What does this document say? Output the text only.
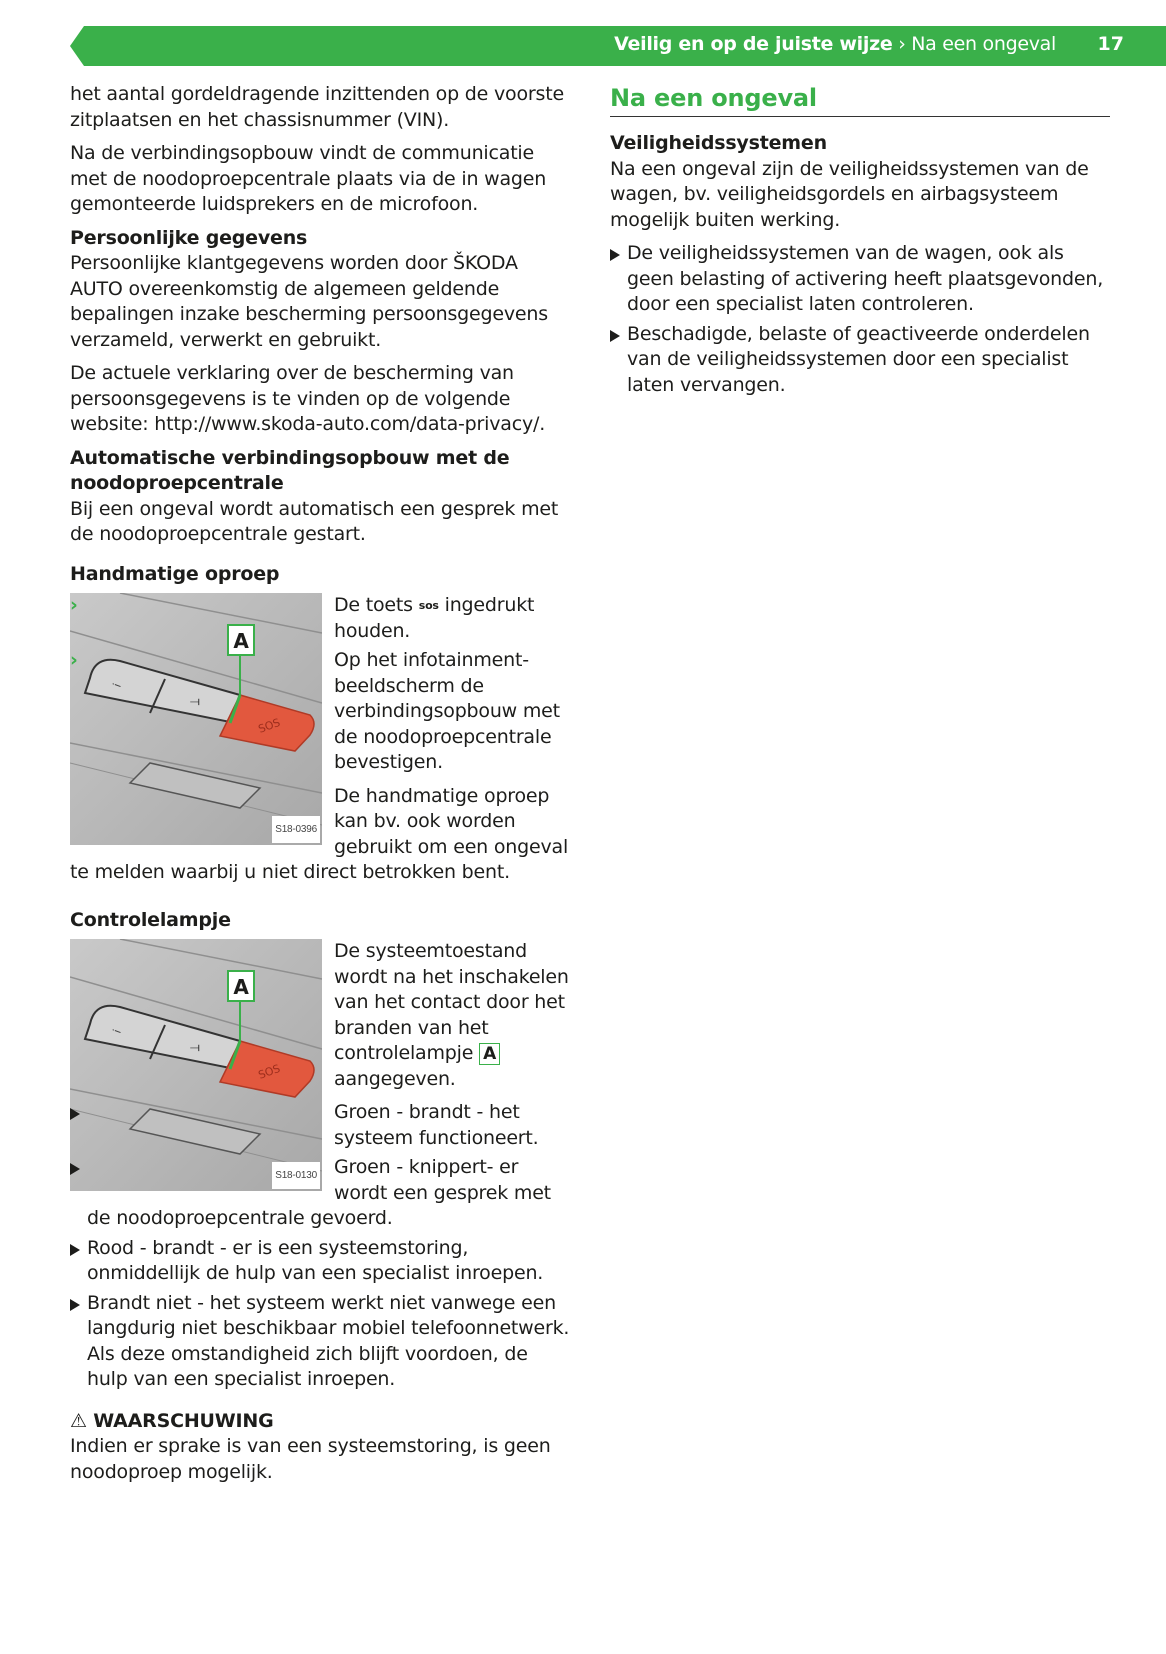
Veilig en op de juiste wijze › Na een ongeval 17

het aantal gordeldragende inzittenden op de voorste zitplaatsen en het chassisnummer (VIN).

Na de verbindingsopbouw vindt de communicatie met de noodoproepcentrale plaats via de in wagen gemonteerde luidsprekers en de microfoon.

Persoonlijke gegevens

Persoonlijke klantgegevens worden door ŠKODA AUTO overeenkomstig de algemeen geldende bepalingen inzake bescherming persoonsgegevens verzameld, verwerkt en gebruikt.

De actuele verklaring over de bescherming van persoonsgegevens is te vinden op de volgende website: http://www.skoda-auto.com/data-privacy/.

Automatische verbindingsopbouw met de noodoproepcentrale

Bij een ongeval wordt automatisch een gesprek met de noodoproepcentrale gestart.

Handmatige oproep
i
⟞
SOS
A
S18-0396
›	De toets sos ingedrukt houden.
›	Op het infotainment-beeldscherm de verbindingsopbouw met de noodoproepcentrale bevestigen.

De handmatige oproep kan bv. ook worden gebruikt om een ongeval te melden waarbij u niet direct betrokken bent.

Controlelampje
i
⟞
SOS
A
S18-0130

De systeemtoestand wordt na het inschakelen van het contact door het branden van het controlelampje A aangegeven.

Groen - brandt - het systeem functioneert.
Groen - knippert- er wordt een gesprek met de noodoproepcentrale gevoerd.
Rood - brandt - er is een systeemstoring, onmiddellijk de hulp van een specialist inroepen.
Brandt niet - het systeem werkt niet vanwege een langdurig niet beschikbaar mobiel telefoonnetwerk. Als deze omstandigheid zich blijft voordoen, de hulp van een specialist inroepen.
⚠ WAARSCHUWING

Indien er sprake is van een systeemstoring, is geen noodoproep mogelijk.

Na een ongeval
Veiligheidssystemen

Na een ongeval zijn de veiligheidssystemen van de wagen, bv. veiligheidsgordels en airbagsysteem mogelijk buiten werking.

De veiligheidssystemen van de wagen, ook als geen belasting of activering heeft plaatsgevonden, door een specialist laten controleren.
Beschadigde, belaste of geactiveerde onderdelen van de veiligheidssystemen door een specialist laten vervangen.
